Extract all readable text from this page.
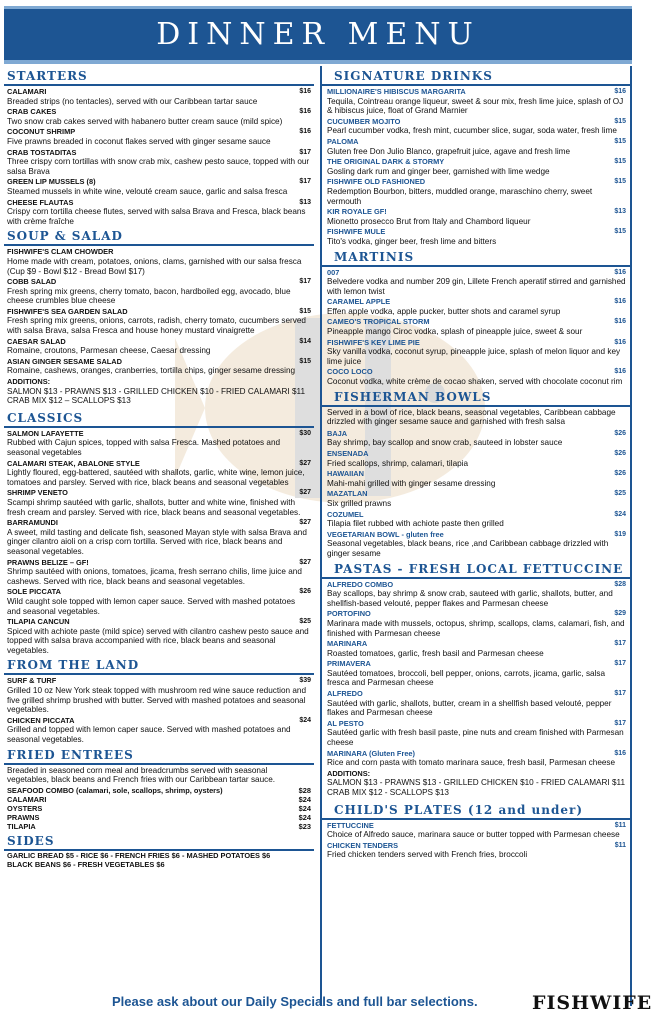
DINNER MENU
STARTERS
CALAMARI	$16
Breaded strips (no tentacles), served with our Caribbean tartar sauce
CRAB CAKES	$16
Two snow crab cakes served with habanero butter cream sauce (mild spice)
COCONUT SHRIMP	$16
Five prawns breaded in coconut flakes served with ginger sesame sauce
CRAB TOSTADITAS	$17
Three crispy corn tortillas with snow crab mix, cashew pesto sauce, topped with our salsa Brava
GREEN LIP MUSSELS (8)	$17
Steamed mussels in white wine, velouté cream sauce, garlic and salsa fresca
CHEESE FLAUTAS	$13
Crispy corn tortilla cheese flutes, served with salsa Brava and Fresca, black beans with crème fraîche
SOUP & SALAD
FISHWIFE'S CLAM CHOWDER
Home made with cream, potatoes, onions, clams, garnished with our salsa fresca (Cup $9 - Bowl $12 - Bread Bowl $17)
COBB SALAD	$17
Fresh spring mix greens, cherry tomato, bacon, hardboiled egg, avocado, blue cheese crumbles blue cheese
FISHWIFE'S SEA GARDEN SALAD	$15
Fresh spring mix greens, onions, carrots, radish, cherry tomato, cucumbers served with salsa Brava, salsa Fresca and house honey mustard vinaigrette
CAESAR SALAD	$14
Romaine, croutons, Parmesan cheese, Caesar dressing
ASIAN GINGER SESAME SALAD	$15
Romaine, cashews, oranges, cranberries, tortilla chips, ginger sesame dressing
ADDITIONS:
SALMON $13 - PRAWNS $13 - GRILLED CHICKEN $10 - FRIED CALAMARI $11 CRAB MIX $12 – SCALLOPS $13
CLASSICS
SALMON LAFAYETTE	$30
Rubbed with Cajun spices, topped with salsa Fresca. Mashed potatoes and seasonal vegetables
CALAMARI STEAK, ABALONE STYLE	$27
Lightly floured, egg-battered, sautéed with shallots, garlic, white wine, lemon juice, tomatoes and parsley. Served with rice, black beans and seasonal vegetables
SHRIMP VENETO	$27
Scampi shrimp sautéed with garlic, shallots, butter and white wine, finished with fresh cream and parsley. Served with rice, black beans and seasonal vegetables.
BARRAMUNDI	$27
A sweet, mild tasting and delicate fish, seasoned Mayan style with salsa Brava and ginger cilantro aioli on a crisp corn tortilla. Served with rice, black beans and seasonal vegetables.
PRAWNS BELIZE – GF!	$27
Shrimp sautéed with onions, tomatoes, jicama, fresh serrano chilis, lime juice and cashews. Served with rice, black beans and seasonal vegetables.
SOLE PICCATA	$26
Wild caught sole topped with lemon caper sauce. Served with mashed potatoes and seasonal vegetables.
TILAPIA CANCUN	$25
Spiced with achiote paste (mild spice) served with cilantro cashew pesto sauce and topped with salsa brava accompanied with rice, black beans and seasonal vegetables.
FROM THE LAND
SURF & TURF	$39
Grilled 10 oz New York steak topped with mushroom red wine sauce reduction and five grilled shrimp brushed with butter. Served with mashed potatoes and seasonal vegetables.
CHICKEN PICCATA	$24
Grilled and topped with lemon caper sauce. Served with mashed potatoes and seasonal vegetables.
FRIED ENTREES
Breaded in seasoned corn meal and breadcrumbs served with seasonal vegetables, black beans and French fries with our Caribbean tartar sauce.
SEAFOOD COMBO (calamari, sole, scallops, shrimp, oysters)	$28
CALAMARI	$24
OYSTERS	$24
PRAWNS	$24
TILAPIA	$23
SIDES
GARLIC BREAD $5 - RICE $6 - FRENCH FRIES $6 - MASHED POTATOES $6
BLACK BEANS $6 - FRESH VEGETABLES $6
SIGNATURE DRINKS
MILLIONAIRE'S HIBISCUS MARGARITA	$16
Tequila, Cointreau orange liqueur, sweet & sour mix, fresh lime juice, splash of OJ & hibiscus juice, float of Grand Marnier
CUCUMBER MOJITO	$15
Pearl cucumber vodka, fresh mint, cucumber slice, sugar, soda water, fresh lime
PALOMA	$15
Gluten free Don Julio Blanco, grapefruit juice, agave and fresh lime
THE ORIGINAL DARK & STORMY	$15
Gosling dark rum and ginger beer, garnished with lime wedge
FISHWIFE OLD FASHIONED	$15
Redemption Bourbon, bitters, muddled orange, maraschino cherry, sweet vermouth
KIR ROYALE GF!	$13
Mionetto prosecco Brut from Italy and Chambord liqueur
FISHWIFE MULE	$15
Tito's vodka, ginger beer, fresh lime and bitters
MARTINIS
007	$16
Belvedere vodka and number 209 gin, Lillete French aperatif stirred and garnished with lemon twist
CARAMEL APPLE	$16
Effen apple vodka, apple pucker, butter shots and caramel syrup
CAMEO'S TROPICAL STORM	$16
Pineapple mango Ciroc vodka, splash of pineapple juice, sweet & sour
FISHWIFE'S KEY LIME PIE	$16
Sky vanilla vodka, coconut syrup, pineapple juice, splash of melon liquor and key lime juice
COCO LOCO	$16
Coconut vodka, white crème de cocao shaken, served with chocolate coconut rim
FISHERMAN BOWLS
Served in a bowl of rice, black beans, seasonal vegetables, Caribbean cabbage drizzled with ginger sesame sauce and garnished with fresh salsa
BAJA	$26
Bay shrimp, bay scallop and snow crab, sauteed in lobster sauce
ENSENADA	$26
Fried scallops, shrimp, calamari, tilapia
HAWAIIAN	$26
Mahi-mahi grilled with ginger sesame dressing
MAZATLAN	$25
Six grilled prawns
COZUMEL	$24
Tilapia filet rubbed with achiote paste then grilled
VEGETARIAN BOWL - gluten free	$19
Seasonal vegetables, black beans, rice ,and Caribbean cabbage drizzled with ginger sesame
PASTAS - FRESH LOCAL FETTUCCINE
ALFREDO COMBO	$28
Bay scallops, bay shrimp & snow crab, sauteed with garlic, shallots, butter, and shellfish-based velouté, pepper flakes and Parmesan cheese
PORTOFINO	$29
Marinara made with mussels, octopus, shrimp, scallops, clams, calamari, fish, and finished with Parmesan cheese
MARINARA	$17
Roasted tomatoes, garlic, fresh basil and Parmesan cheese
PRIMAVERA	$17
Sautéed tomatoes, broccoli, bell pepper, onions, carrots, jicama, garlic, salsa fresca and Parmesan cheese
ALFREDO	$17
Sautéed with garlic, shallots, butter, cream in a shellfish based velouté, pepper flakes and Parmesan cheese
AL PESTO	$17
Sautéed garlic with fresh basil paste, pine nuts and cream finished with Parmesan cheese
MARINARA (Gluten Free)	$16
Rice and corn pasta with tomato marinara sauce, fresh basil, Parmesan cheese
ADDITIONS:
SALMON $13 - PRAWNS $13 - GRILLED CHICKEN $10 - FRIED CALAMARI $11 CRAB MIX $12 - SCALLOPS $13
CHILD'S PLATES (12 and under)
FETTUCCINE	$11
Choice of Alfredo sauce, marinara sauce or butter topped with Parmesan cheese
CHICKEN TENDERS	$11
Fried chicken tenders served with French fries, broccoli
Please ask about our Daily Specials and full bar selections.	FISHWIFE
